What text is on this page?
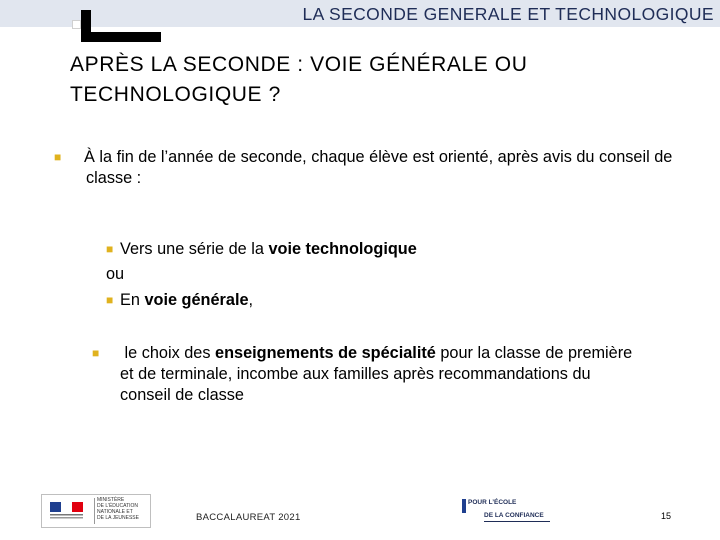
LA SECONDE GENERALE ET TECHNOLOGIQUE
APRÈS LA SECONDE : VOIE GÉNÉRALE OU TECHNOLOGIQUE ?
■ À la fin de l’année de seconde, chaque élève est orienté, après avis du conseil de classe :
■ Vers une série de la voie technologique
ou
■ En voie générale,
■ le choix des enseignements de spécialité pour la classe de première et de terminale, incombe aux familles après recommandations du conseil de classe
MINISTÈRE
DE L’ÉDUCATION
NATIONALE ET
DE LA JEUNESSE	BACCALAUREAT 2021
POUR L’ÉCOLE
DE LA CONFIANCE	15
